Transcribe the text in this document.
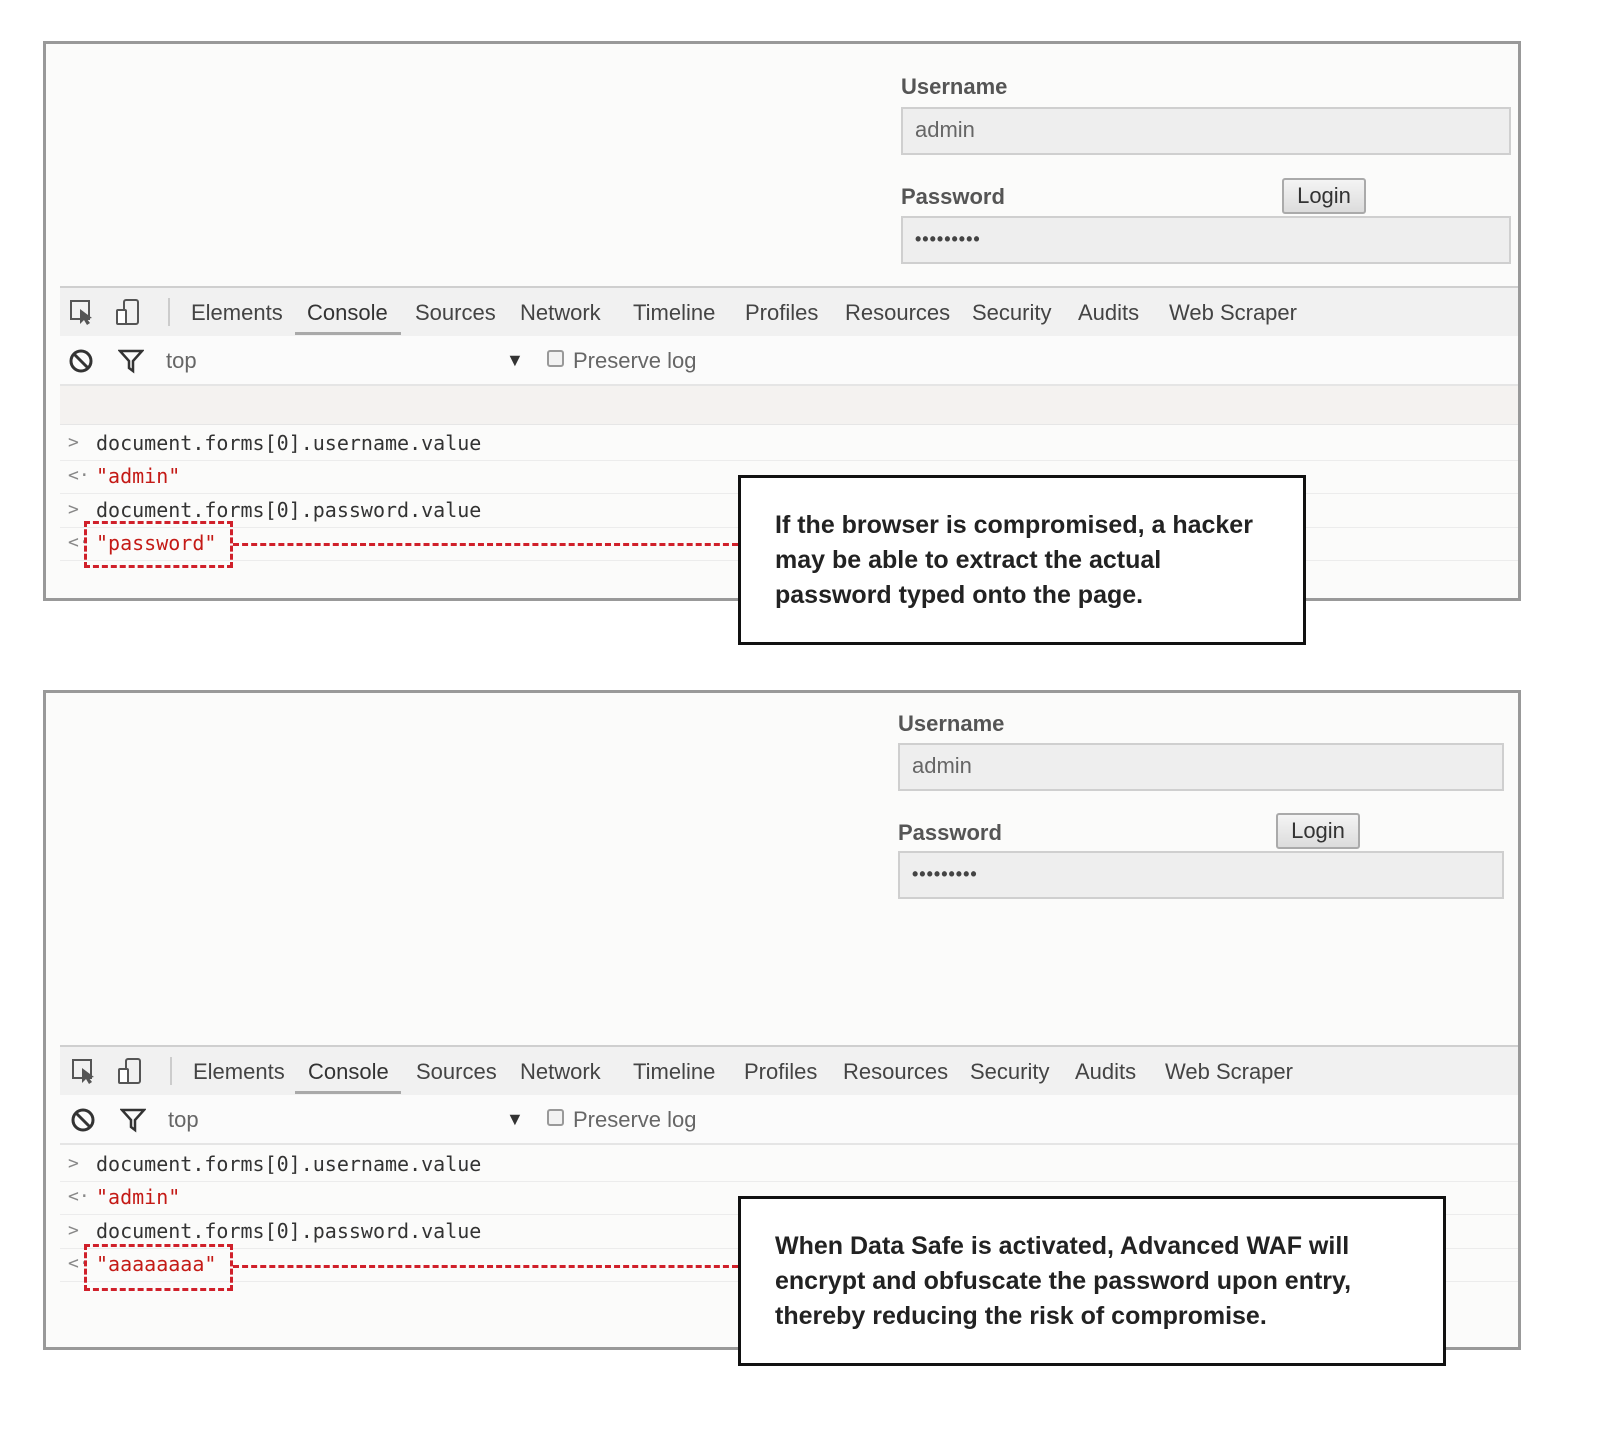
Username
admin
Password	Login
•••••••••
Elements Console Sources Network Timeline Profiles Resources Security Audits Web Scraper
top	▼ Preserve log
> document.forms[0].username.value
<· "admin"
> document.forms[0].password.value
<· "password"
If the browser is compromised, a hacker may be able to extract the actual password typed onto the page.
Username
admin
Password	Login
•••••••••
Elements Console Sources Network Timeline Profiles Resources Security Audits Web Scraper
top	▼ Preserve log
> document.forms[0].username.value
<· "admin"
> document.forms[0].password.value
<· "aaaaaaaa"
When Data Safe is activated, Advanced WAF will encrypt and obfuscate the password upon entry, thereby reducing the risk of compromise.
